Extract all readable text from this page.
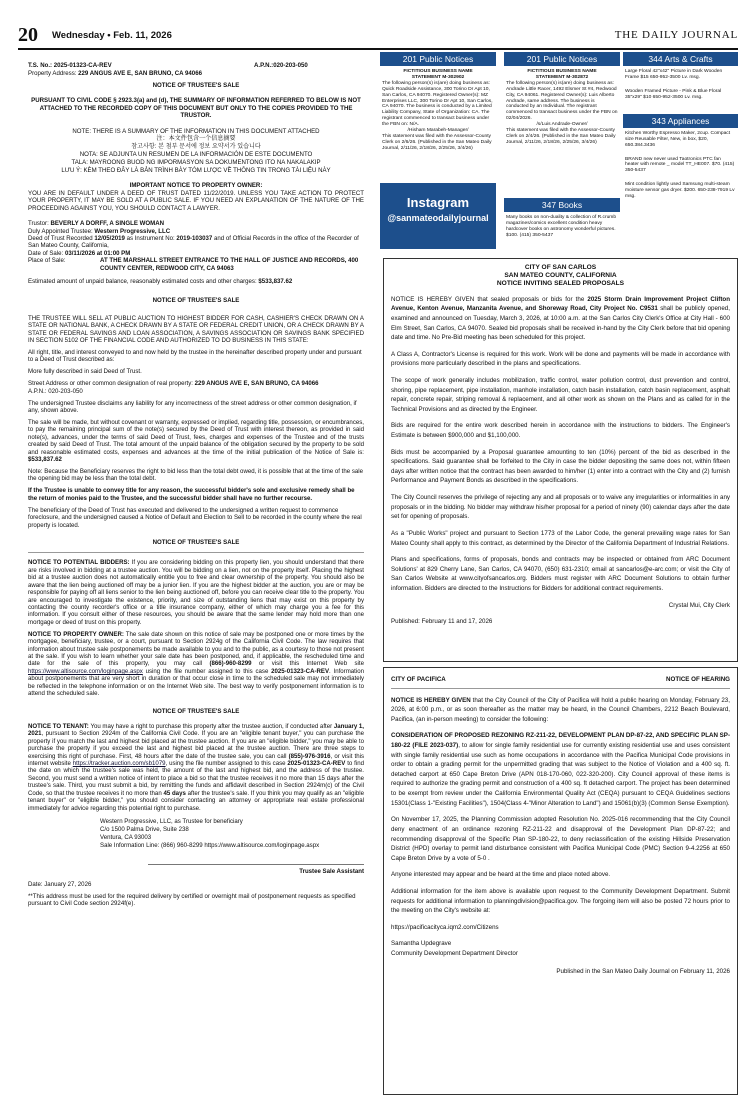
20 Wednesday • Feb. 11, 2026	THE DAILY JOURNAL
T.S. No.: 2025-01323-CA-REV	A.P.N.:020-203-050

Property Address: 229 ANGUS AVE E, SAN BRUNO, CA 94066

NOTICE OF TRUSTEE'S SALE

PURSUANT TO CIVIL CODE § 2923.3(a) and (d), THE SUMMARY OF INFORMATION REFERRED TO BELOW IS NOT ATTACHED TO THE RECORDED COPY OF THIS DOCUMENT BUT ONLY TO THE COPIES PROVIDED TO THE TRUSTOR.

NOTE: THERE IS A SUMMARY OF THE INFORMATION IN THIS DOCUMENT ATTACHED
注：本文件包含一个信息摘要
참고사항: 본 첨부 문서에 정보 요약서가 있습니다
NOTA: SE ADJUNTA UN RESUMEN DE LA INFORMACIÓN DE ESTE DOCUMENTO
TALA: MAYROONG BUOD NG IMPORMASYON SA DOKUMENTONG ITO NA NAKALAKIP
LƯU Ý: KÈM THEO ĐÂY LÀ BẢN TRÌNH BÀY TÓM LƯỢC VỀ THÔNG TIN TRONG TÀI LIỆU NÀY

IMPORTANT NOTICE TO PROPERTY OWNER:

YOU ARE IN DEFAULT UNDER A DEED OF TRUST DATED 11/22/2019. UNLESS YOU TAKE ACTION TO PROTECT YOUR PROPERTY, IT MAY BE SOLD AT A PUBLIC SALE. IF YOU NEED AN EXPLANATION OF THE NATURE OF THE PROCEEDING AGAINST YOU, YOU SHOULD CONTACT A LAWYER.

Trustor: BEVERLY A DORFF, A SINGLE WOMAN
Duly Appointed Trustee: Western Progressive, LLC
Deed of Trust Recorded 12/05/2019 as Instrument No: 2019-103037 and of Official Records in the office of the Recorder of San Mateo County, California,
Date of Sale: 03/11/2026 at 01:00 PM
Place of Sale:	AT THE MARSHALL STREET ENTRANCE TO THE HALL OF JUSTICE AND RECORDS, 400 COUNTY CENTER, REDWOOD CITY, CA 94063

Estimated amount of unpaid balance, reasonably estimated costs and other charges: $533,837.62

NOTICE OF TRUSTEE'S SALE

THE TRUSTEE WILL SELL AT PUBLIC AUCTION TO HIGHEST BIDDER FOR CASH, CASHIER'S CHECK DRAWN ON A STATE OR NATIONAL BANK, A CHECK DRAWN BY A STATE OR FEDERAL CREDIT UNION, OR A CHECK DRAWN BY A STATE OR FEDERAL SAVINGS AND LOAN ASSOCIATION, A SAVINGS ASSOCIATION OR SAVINGS BANK SPECIFIED IN SECTION 5102 OF THE FINANCIAL CODE AND AUTHORIZED TO DO BUSINESS IN THIS STATE:

All right, title, and interest conveyed to and now held by the trustee in the hereinafter described property under and pursuant to a Deed of Trust described as:

More fully described in said Deed of Trust.

Street Address or other common designation of real property: 229 ANGUS AVE E, SAN BRUNO, CA 94066

A.P.N.: 020-203-050

The undersigned Trustee disclaims any liability for any incorrectness of the street address or other common designation, if any, shown above.

The sale will be made, but without covenant or warranty, expressed or implied, regarding title, possession, or encumbrances, to pay the remaining principal sum of the note(s) secured by the Deed of Trust with interest thereon, as provided in said note(s), advances, under the terms of said Deed of Trust, fees, charges and expenses of the Trustee and of the trusts created by said Deed of Trust. The total amount of the unpaid balance of the obligation secured by the property to be sold and reasonable estimated costs, expenses and advances at the time of the initial publication of the Notice of Sale is: $533,837.62

Note: Because the Beneficiary reserves the right to bid less than the total debt owed, it is possible that at the time of the sale the opening bid may be less than the total debt.

If the Trustee is unable to convey title for any reason, the successful bidder's sole and exclusive remedy shall be the return of monies paid to the Trustee, and the successful bidder shall have no further recourse.

The beneficiary of the Deed of Trust has executed and delivered to the undersigned a written request to commence foreclosure, and the undersigned caused a Notice of Default and Election to Sell to be recorded in the county where the real property is located.

NOTICE OF TRUSTEE'S SALE

NOTICE TO POTENTIAL BIDDERS: If you are considering bidding on this property lien, you should understand that there are risks involved in bidding at a trustee auction. You will be bidding on a lien, not on the property itself. Placing the highest bid at a trustee auction does not automatically entitle you to free and clear ownership of the property. You should also be aware that the lien being auctioned off may be a junior lien. If you are the highest bidder at the auction, you are or may be responsible for paying off all liens senior to the lien being auctioned off, before you can receive clear title to the property. You are encouraged to investigate the existence, priority, and size of outstanding liens that may exist on this property by contacting the county recorder's office or a title insurance company, either of which may charge you a fee for this information. If you consult either of these resources, you should be aware that the same lender may hold more than one mortgage or deed of trust on this property.

NOTICE TO PROPERTY OWNER: The sale date shown on this notice of sale may be postponed one or more times by the mortgagee, beneficiary, trustee, or a court, pursuant to Section 2924g of the California Civil Code. The law requires that information about trustee sale postponements be made available to you and to the public, as a courtesy to those not present at the sale. If you wish to learn whether your sale date has been postponed, and, if applicable, the rescheduled time and date for the sale of this property, you may call (866)-960-8299 or visit this Internet Web site https://www.altisource.com/loginpage.aspx using the file number assigned to this case 2025-01323-CA-REV. Information about postponements that are very short in duration or that occur close in time to the scheduled sale may not immediately be reflected in the telephone information or on the Internet Web site. The best way to verify postponement information is to attend the scheduled sale.

NOTICE OF TRUSTEE'S SALE

NOTICE TO TENANT: You may have a right to purchase this property after the trustee auction, if conducted after January 1, 2021, pursuant to Section 2924m of the California Civil Code. If you are an "eligible tenant buyer," you can purchase the property if you match the last and highest bid placed at the trustee auction. If you are an "eligible bidder," you may be able to purchase the property if you exceed the last and highest bid placed at the trustee auction. There are three steps to exercising this right of purchase. First, 48 hours after the date of the trustee sale, you can call (855)-976-3916, or visit this internet website https://tracker.auction.com/sb1079, using the file number assigned to this case 2025-01323-CA-REV to find the date on which the trustee's sale was held, the amount of the last and highest bid, and the address of the trustee. Second, you must send a written notice of intent to place a bid so that the trustee receives it no more than 15 days after the trustee's sale. Third, you must submit a bid, by remitting the funds and affidavit described in Section 2924m(c) of the Civil Code, so that the trustee receives it no more than 45 days after the trustee's sale. If you think you may qualify as an "eligible tenant buyer" or "eligible bidder," you should consider contacting an attorney or appropriate real estate professional immediately for advice regarding this potential right to purchase.

Western Progressive, LLC, as Trustee for beneficiary
C/o 1500 Palma Drive, Suite 238
Ventura, CA 93003
Sale Information Line: (866) 960-8299 https://www.altisource.com/loginpage.aspx
Trustee Sale Assistant

Date: January 27, 2026

**This address must be used for the required delivery by certified or overnight mail of postponement requests as specified pursuant to Civil Code section 2924f(e).

201 Public Notices
FICTITIOUS BUSINESS NAME
STATEMENT M-302902
The following person(s) is(are) doing business as: Quick Roadside Assistance, 300 Torino Dr Apt 10, San Carlos, CA 94070. Registered Owner(s): MZ Enterprises LLC, 300 Torino Dr Apt 10, San Carlos, CA 94070. The business is conducted by a Limited Liability Company, State of Organization: CA. The registrant commenced to transact business under the FBN on: N/A.
/Hisham Marabeh-Manager/
This statement was filed with the Assessor-County Clerk on 2/6/26. (Published in the San Mateo Daily Journal, 2/11/26, 2/18/26, 2/25/26, 3/4/26)
201 Public Notices
FICTITIOUS BUSINESS NAME
STATEMENT M-302872
The following person(s) is(are) doing business as: Andrade Little Racer, 1492 Elsmer St #4, Redwood City, CA 94061. Registered Owner(s): Luis Alberto Andrade, same address. The business is conducted by an Individual. The registrant commenced to transact business under the FBN on 02/04/2026.
/s/Luis Andrade-Owner/
This statement was filed with the Assessor-County Clerk on 2/4/26. (Published in the San Mateo Daily Journal, 2/11/26, 2/18/26, 2/25/26, 3/4/26)
344 Arts & Crafts
Large Floral 42"x42" Picture in Dark Wooden Frame $15 650-952-3500 Lv. msg.
Wooden Framed Picture - Pink & Blue Floral 35"x29" $10 650-952-3500 Lv. msg.
343 Appliances
Kitchen Worthy Espresso Maker, 2cup. Compact size Reusable Filter, New, in box, $20, 650.384.3436
BRAND new never used Taotronics PTC fan heater with remote _ model TT_HE007. $70. (415) 350-5437
Mint condition lightly used Samsung multi-steam moisture sensor gas dryer. $200. 650-238-7919 Lv msg.
Instagram
@sanmateodailyjournal
347 Books
Many books on non-duality & collection of R.crumb magazines/comics excellent condition heavy hardcover books on astronomy wonderful pictures. $100. (415) 350-5437
CITY OF SAN CARLOS
SAN MATEO COUNTY, CALIFORNIA
NOTICE INVITING SEALED PROPOSALS

NOTICE IS HEREBY GIVEN that sealed proposals or bids for the 2025 Storm Drain Improvement Project Clifton Avenue, Kenton Avenue, Manzanita Avenue, and Shoreway Road, City Project No. C9531 shall be publicly opened, examined and announced on Tuesday, March 3, 2026, at 10:00 a.m. at the San Carlos City Clerk's Office at City Hall - 600 Elm Street, San Carlos, CA 94070. Sealed bid proposals shall be received in-hand by the City Clerk before that bid opening date and time. No Pre-Bid meeting has been scheduled for this project.

A Class A, Contractor's License is required for this work. Work will be done and payments will be made in accordance with provisions more particularly described in the plans and specifications.

The scope of work generally includes mobilization, traffic control, water pollution control, dust prevention and control, shoring, pipe replacement, pipe installation, manhole installation, catch basin installation, catch basin replacement, asphalt repair, concrete repair, striping removal & replacement, and all other work as shown on the Plans and as called for in the Technical Provisions and as directed by the Engineer.

Bids are required for the entire work described herein in accordance with the instructions to bidders. The Engineer's Estimate is between $900,000 and $1,100,000.

Bids must be accompanied by a Proposal guarantee amounting to ten (10%) percent of the bid as described in the specifications. Said guarantee shall be forfeited to the City in case the bidder depositing the same does not, within fifteen days after written notice that the contract has been awarded to him/her (1) enter into a contract with the City and (2) furnish Performance and Payment Bonds as described in the specifications.

The City Council reserves the privilege of rejecting any and all proposals or to waive any irregularities or informalities in any proposals or in the bidding. No bidder may withdraw his/her proposal for a period of ninety (90) calendar days after the date set for opening of proposals.

As a "Public Works" project and pursuant to Section 1773 of the Labor Code, the general prevailing wage rates for San Mateo County shall apply to this contract, as determined by the Director of the California Department of Industrial Relations.

Plans and specifications, forms of proposals, bonds and contracts may be inspected or obtained from ARC Document Solutions' at 829 Cherry Lane, San Carlos, CA 94070, (650) 631-2310; email at sancarlos@e-arc.com; or visit the City of San Carlos Website at www.cityofsancarlos.org. Bidders must register with ARC Document Solutions to obtain further information. Bidders are directed to the Instructions for Bidders for additional contract requirements.

Crystal Mui, City Clerk

Published: February 11 and 17, 2026

CITY OF PACIFICA	NOTICE OF HEARING

NOTICE IS HEREBY GIVEN that the City Council of the City of Pacifica will hold a public hearing on Monday, February 23, 2026, at 6:00 p.m., or as soon thereafter as the matter may be heard, in the Council Chambers, 2212 Beach Boulevard, Pacifica, (an in-person meeting) to consider the following:

CONSIDERATION OF PROPOSED REZONING RZ-211-22, DEVELOPMENT PLAN DP-87-22, AND SPECIFIC PLAN SP-180-22 (FILE 2023-037), to allow for single family residential use for currently existing residential use and uses consistent with single family residential use such as home occupations in accordance with the Pacifica Municipal Code provisions in order to obtain a grading permit for the unpermitted grading that was subject to the Notice of Violation and a 400 sq. ft. detached carport at 650 Cape Breton Drive (APN 018-170-060, 022-320-200). City Council approval of these items is required to authorize the grading permit and construction of a 400 sq. ft detached carport. The project has been determined to be exempt from review under the California Environmental Quality Act (CEQA) pursuant to CEQA Guidelines sections 15301(Class 1-"Existing Facilities"), 1504(Class 4-"Minor Alteration to Land") and 15061(b)(3) (Common Sense Exemption).

On November 17, 2025, the Planning Commission adopted Resolution No. 2025-016 recommending that the City Council deny enactment of an ordinance rezoning RZ-211-22 and disapproval of the Development Plan DP-87-22; and recommending disapproval of the Specific Plan SP-180-22, to deny reclassification of the existing Hillside Preservation District (HPD) overlay to permit land disturbance consistent with Pacifica Municipal Code (PMC) Section 9-4.2256 at 650 Cape Breton Drive by a vote of 5-0 .

Anyone interested may appear and be heard at the time and place noted above.

Additional information for the item above is available upon request to the Community Development Department. Submit requests for additional information to planningdivision@pacifica.gov. The forgoing item will also be posted 72 hours prior to the meeting on the City's website at:

https://pacificacityca.iqm2.com/Citizens

Samantha Updegrave

Community Development Department Director

Published in the San Mateo Daily Journal on February 11, 2026
